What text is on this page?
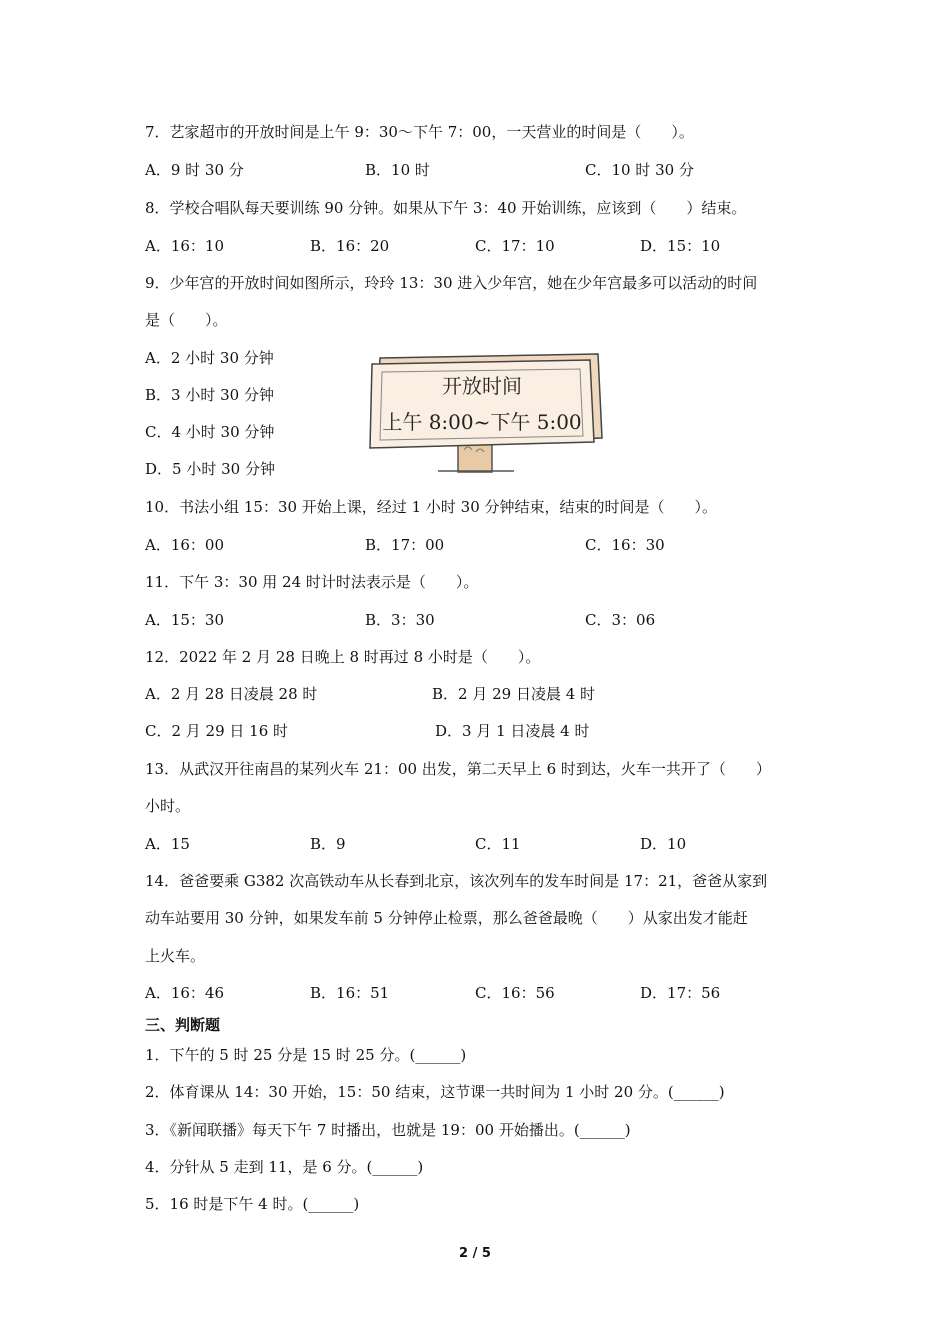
7．艺家超市的开放时间是上午 9：30～下午 7：00，一天营业的时间是（　　）。
A．9 时 30 分	B．10 时	C．10 时 30 分
8．学校合唱队每天要训练 90 分钟。如果从下午 3：40 开始训练，应该到（　　）结束。
A．16：10	B．16：20	C．17：10	D．15：10
9．少年宫的开放时间如图所示，玲玲 13：30 进入少年宫，她在少年宫最多可以活动的时间
是（　　）。
A．2 小时 30 分钟
B．3 小时 30 分钟
C．4 小时 30 分钟
D．5 小时 30 分钟
开放时间
上午 8:00~下午 5:00
10．书法小组 15：30 开始上课，经过 1 小时 30 分钟结束，结束的时间是（　　）。
A．16：00	B．17：00	C．16：30
11．下午 3：30 用 24 时计时法表示是（　　）。
A．15：30	B．3：30	C．3：06
12．2022 年 2 月 28 日晚上 8 时再过 8 小时是（　　）。
A．2 月 28 日凌晨 28 时	B．2 月 29 日凌晨 4 时
C．2 月 29 日 16 时	D．3 月 1 日凌晨 4 时
13．从武汉开往南昌的某列火车 21：00 出发，第二天早上 6 时到达，火车一共开了（　　）
小时。
A．15	B．9	C．11	D．10
14．爸爸要乘 G382 次高铁动车从长春到北京，该次列车的发车时间是 17：21，爸爸从家到
动车站要用 30 分钟，如果发车前 5 分钟停止检票，那么爸爸最晚（　　）从家出发才能赶
上火车。
A．16：46	B．16：51	C．16：56	D．17：56
三、判断题
1．下午的 5 时 25 分是 15 时 25 分。(______)
2．体育课从 14：30 开始，15：50 结束，这节课一共时间为 1 小时 20 分。(______)
3．《新闻联播》每天下午 7 时播出，也就是 19：00 开始播出。(______)
4．分针从 5 走到 11，是 6 分。(______)
5．16 时是下午 4 时。(______)
2 / 5
